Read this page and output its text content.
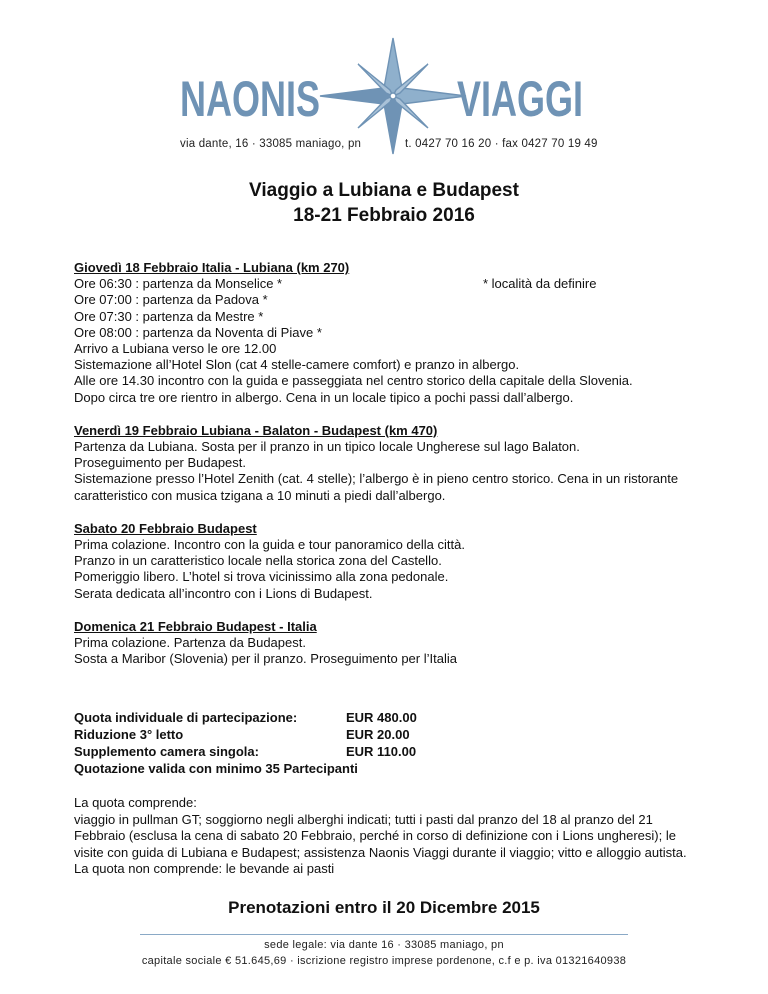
NAONIS	VIAGGI
via dante, 16 · 33085 maniago, pn	t. 0427 70 16 20 · fax 0427 70 19 49
Viaggio a Lubiana e Budapest
18-21 Febbraio 2016
* località da definire
Giovedì 18 Febbraio Italia - Lubiana (km 270)
Ore 06:30 : partenza da Monselice *
Ore 07:00 : partenza da Padova *
Ore 07:30 : partenza da Mestre *
Ore 08:00 : partenza da Noventa di Piave *
Arrivo a Lubiana verso le ore 12.00
Sistemazione all’Hotel Slon (cat 4 stelle-camere comfort) e pranzo in albergo.
Alle ore 14.30 incontro con la guida e passeggiata nel centro storico della capitale della Slovenia.
Dopo circa tre ore rientro in albergo. Cena in un locale tipico a pochi passi dall’albergo.
Venerdì 19 Febbraio Lubiana - Balaton - Budapest (km 470)
Partenza da Lubiana. Sosta per il pranzo in un tipico locale Ungherese sul lago Balaton.
Proseguimento per Budapest.
Sistemazione presso l’Hotel Zenith (cat. 4 stelle); l’albergo è in pieno centro storico. Cena in un ristorante
caratteristico con musica tzigana a 10 minuti a piedi dall’albergo.
Sabato 20 Febbraio Budapest
Prima colazione. Incontro con la guida e tour panoramico della città.
Pranzo in un caratteristico locale nella storica zona del Castello.
Pomeriggio libero. L’hotel si trova vicinissimo alla zona pedonale.
Serata dedicata all’incontro con i Lions di Budapest.
Domenica 21 Febbraio Budapest - Italia
Prima colazione. Partenza da Budapest.
Sosta a Maribor (Slovenia) per il pranzo. Proseguimento per l’Italia
Quota individuale di partecipazione:	EUR 480.00
Riduzione 3° letto	EUR 20.00
Supplemento camera singola:	EUR 110.00
Quotazione valida con minimo 35 Partecipanti
La quota comprende:
viaggio in pullman GT; soggiorno negli alberghi indicati; tutti i pasti dal pranzo del 18 al pranzo del 21
Febbraio (esclusa la cena di sabato 20 Febbraio, perché in corso di definizione con i Lions ungheresi); le
visite con guida di Lubiana e Budapest; assistenza Naonis Viaggi durante il viaggio; vitto e alloggio autista.
La quota non comprende: le bevande ai pasti
Prenotazioni entro il 20 Dicembre 2015
sede legale: via dante 16 · 33085 maniago, pn
capitale sociale € 51.645,69 · iscrizione registro imprese pordenone, c.f e p. iva 01321640938
